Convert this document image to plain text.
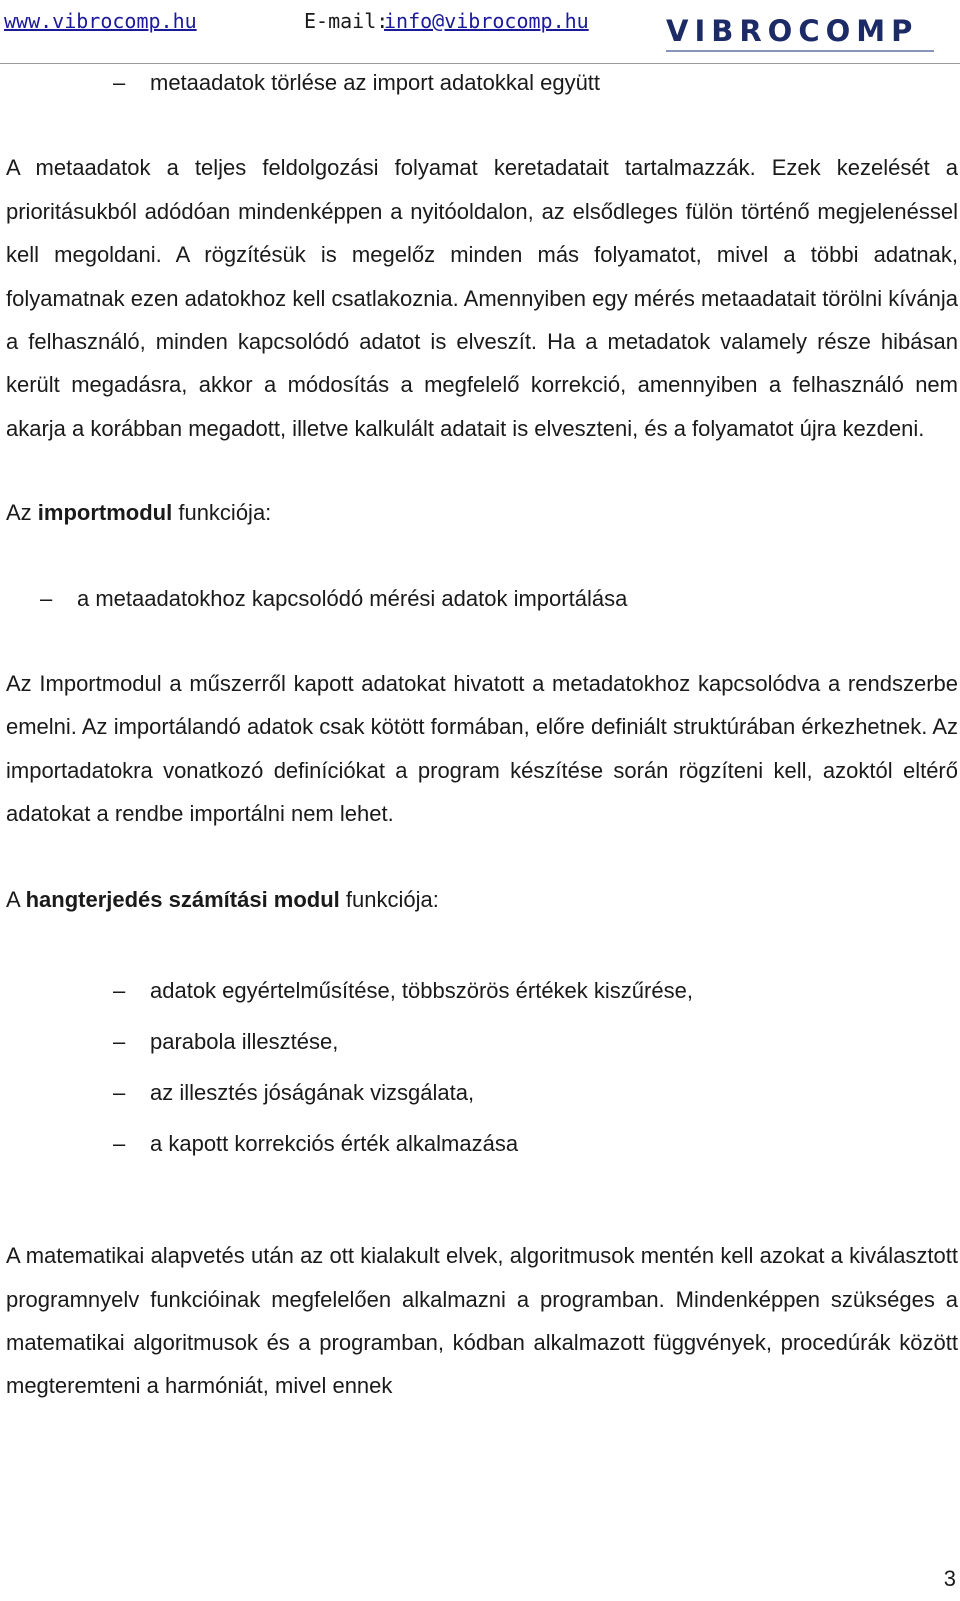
www.vibrocomp.hu	E-mail:
info@vibrocomp.hu	VIBROCOMP

– metaadatok törlése az import adatokkal együtt

A metaadatok a teljes feldolgozási folyamat keretadatait tartalmazzák. Ezek kezelését a prioritásukból adódóan mindenképpen a nyitóoldalon, az elsődleges fülön történő megjelenéssel kell megoldani. A rögzítésük is megelőz minden más folyamatot, mivel a többi adatnak, folyamatnak ezen adatokhoz kell csatlakoznia. Amennyiben egy mérés metaadatait törölni kívánja a felhasználó, minden kapcsolódó adatot is elveszít. Ha a metadatok valamely része hibásan került megadásra, akkor a módosítás a megfelelő korrekció, amennyiben a felhasználó nem akarja a korábban megadott, illetve kalkulált adatait is elveszteni, és a folyamatot újra kezdeni.

Az importmodul funkciója:

– a metaadatokhoz kapcsolódó mérési adatok importálása

Az Importmodul a műszerről kapott adatokat hivatott a metadatokhoz kapcsolódva a rendszerbe emelni. Az importálandó adatok csak kötött formában, előre definiált struktúrában érkezhetnek. Az importadatokra vonatkozó definíciókat a program készítése során rögzíteni kell, azoktól eltérő adatokat a rendbe importálni nem lehet.

A hangterjedés számítási modul funkciója:

– adatok egyértelműsítése, többszörös értékek kiszűrése,

– parabola illesztése,

– az illesztés jóságának vizsgálata,

– a kapott korrekciós érték alkalmazása

A matematikai alapvetés után az ott kialakult elvek, algoritmusok mentén kell azokat a kiválasztott programnyelv funkcióinak megfelelően alkalmazni a programban. Mindenképpen szükséges a matematikai algoritmusok és a programban, kódban alkalmazott függvények, procedúrák között megteremteni a harmóniát, mivel ennek

3
